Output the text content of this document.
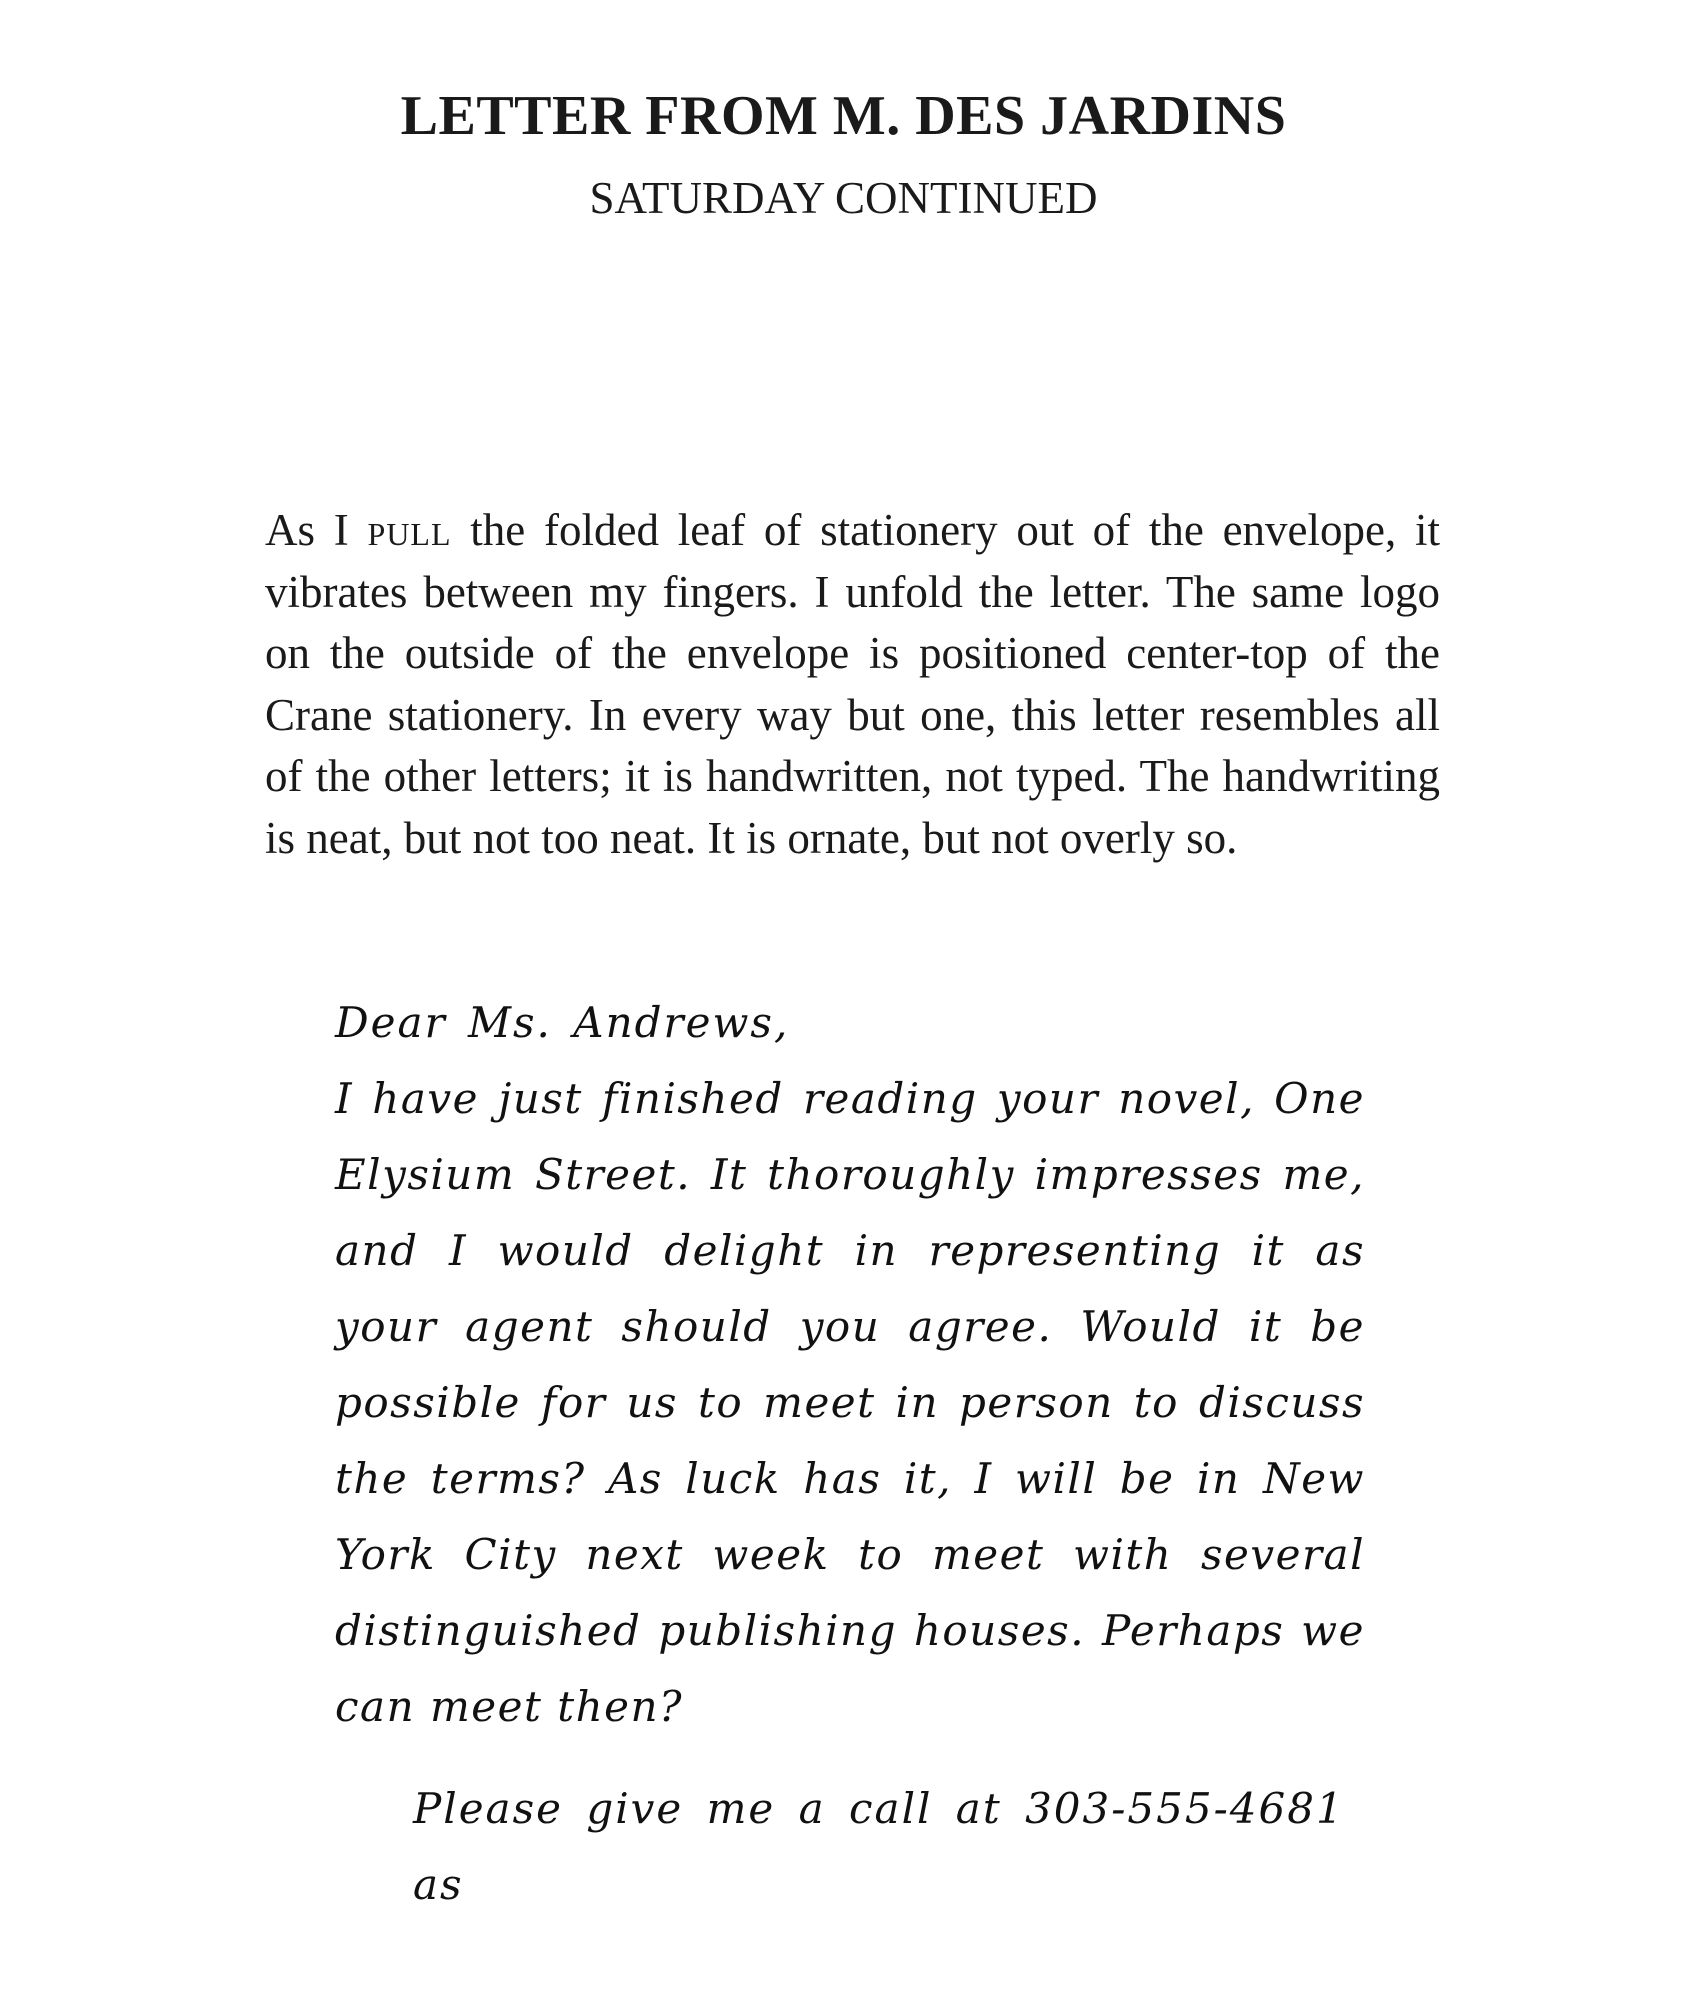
LETTER FROM M. DES JARDINS
SATURDAY CONTINUED

As I pull the folded leaf of stationery out of the envelope, it vibrates between my fingers. I unfold the letter. The same logo on the outside of the envelope is positioned center-top of the Crane stationery. In every way but one, this letter resembles all of the other letters; it is handwritten, not typed. The handwriting is neat, but not too neat. It is ornate, but not overly so.

Dear Ms. Andrews,

I have just finished reading your novel, One Elysium Street. It thoroughly impresses me, and I would delight in representing it as your agent should you agree. Would it be possible for us to meet in person to discuss the terms? As luck has it, I will be in New York City next week to meet with several distinguished publishing houses. Perhaps we can meet then?

Please give me a call at 303-555-4681 as
